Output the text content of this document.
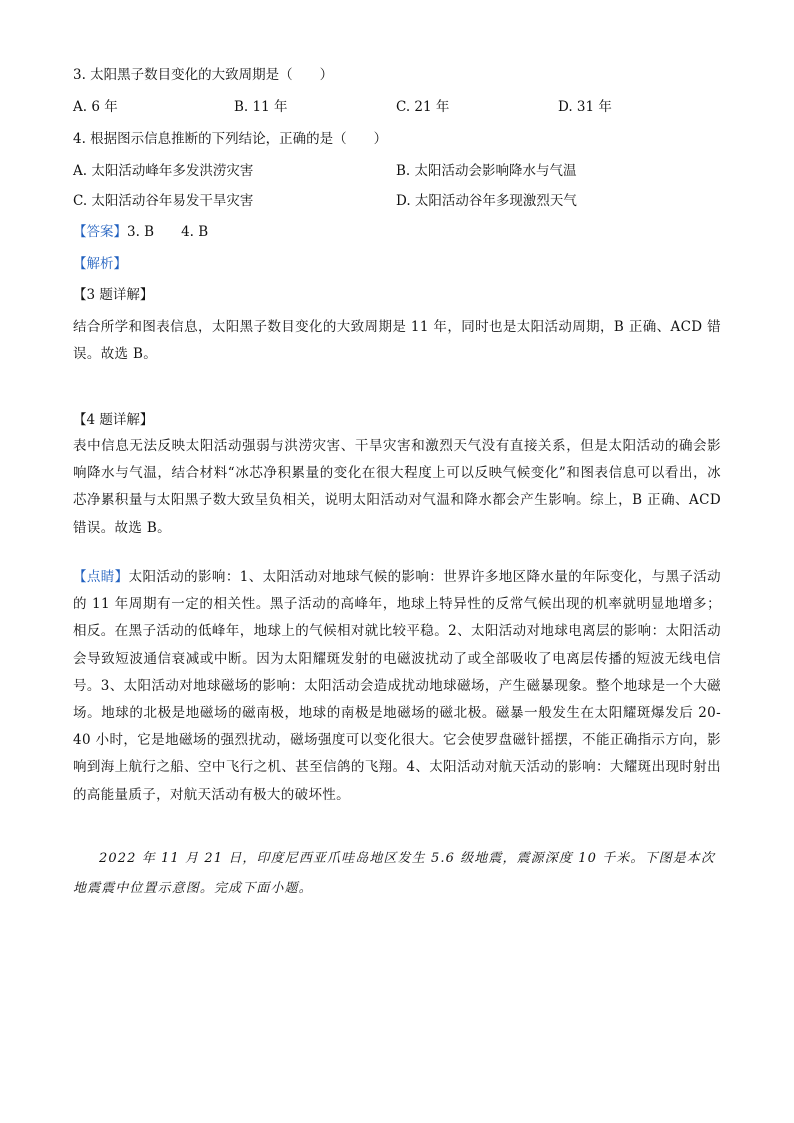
3. 太阳黑子数目变化的大致周期是（　　）
A. 6 年	B. 11 年	C. 21 年	D. 31 年
4. 根据图示信息推断的下列结论，正确的是（　　）
A. 太阳活动峰年多发洪涝灾害	B. 太阳活动会影响降水与气温
C. 太阳活动谷年易发干旱灾害	D. 太阳活动谷年多现激烈天气
【答案】3. B　　4. B
【解析】
【3 题详解】
结合所学和图表信息，太阳黑子数目变化的大致周期是 11 年，同时也是太阳活动周期，B 正确、ACD 错误。故选 B。
【4 题详解】
表中信息无法反映太阳活动强弱与洪涝灾害、干旱灾害和激烈天气没有直接关系，但是太阳活动的确会影响降水与气温，结合材料“冰芯净积累量的变化在很大程度上可以反映气候变化”和图表信息可以看出，冰芯净累积量与太阳黑子数大致呈负相关，说明太阳活动对气温和降水都会产生影响。综上，B 正确、ACD 错误。故选 B。
【点睛】太阳活动的影响：1、太阳活动对地球气候的影响：世界许多地区降水量的年际变化，与黑子活动的 11 年周期有一定的相关性。黑子活动的高峰年，地球上特异性的反常气候出现的机率就明显地增多；相反。在黑子活动的低峰年，地球上的气候相对就比较平稳。2、太阳活动对地球电离层的影响：太阳活动会导致短波通信衰减或中断。因为太阳耀斑发射的电磁波扰动了或全部吸收了电离层传播的短波无线电信号。3、太阳活动对地球磁场的影响：太阳活动会造成扰动地球磁场，产生磁暴现象。整个地球是一个大磁场。地球的北极是地磁场的磁南极，地球的南极是地磁场的磁北极。磁暴一般发生在太阳耀斑爆发后 20-40 小时，它是地磁场的强烈扰动，磁场强度可以变化很大。它会使罗盘磁针摇摆，不能正确指示方向，影响到海上航行之船、空中飞行之机、甚至信鸽的飞翔。4、太阳活动对航天活动的影响：大耀斑出现时射出的高能量质子，对航天活动有极大的破坏性。
2022 年 11 月 21 日，印度尼西亚爪哇岛地区发生 5.6 级地震，震源深度 10 千米。下图是本次地震震中位置示意图。完成下面小题。
